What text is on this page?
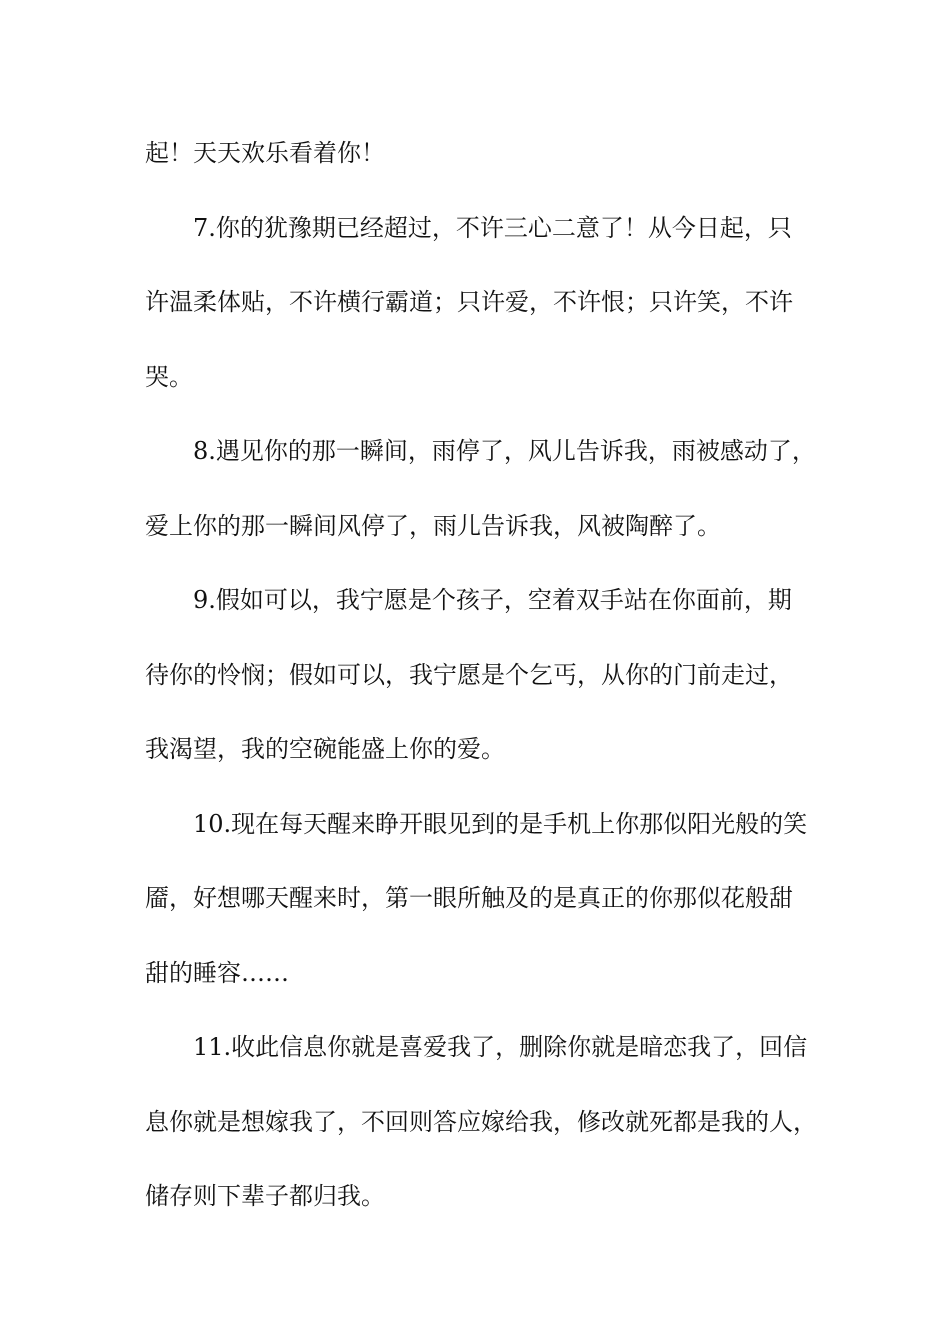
起！天天欢乐看着你！
7.你的犹豫期已经超过，不许三心二意了！从今日起，只
许温柔体贴，不许横行霸道；只许爱，不许恨；只许笑，不许
哭。
8.遇见你的那一瞬间，雨停了，风儿告诉我，雨被感动了，
爱上你的那一瞬间风停了，雨儿告诉我，风被陶醉了。
9.假如可以，我宁愿是个孩子，空着双手站在你面前，期
待你的怜悯；假如可以，我宁愿是个乞丐，从你的门前走过，
我渴望，我的空碗能盛上你的爱。
10.现在每天醒来睁开眼见到的是手机上你那似阳光般的笑
靥，好想哪天醒来时，第一眼所触及的是真正的你那似花般甜
甜的睡容……
11.收此信息你就是喜爱我了，删除你就是暗恋我了，回信
息你就是想嫁我了，不回则答应嫁给我，修改就死都是我的人，
储存则下辈子都归我。
